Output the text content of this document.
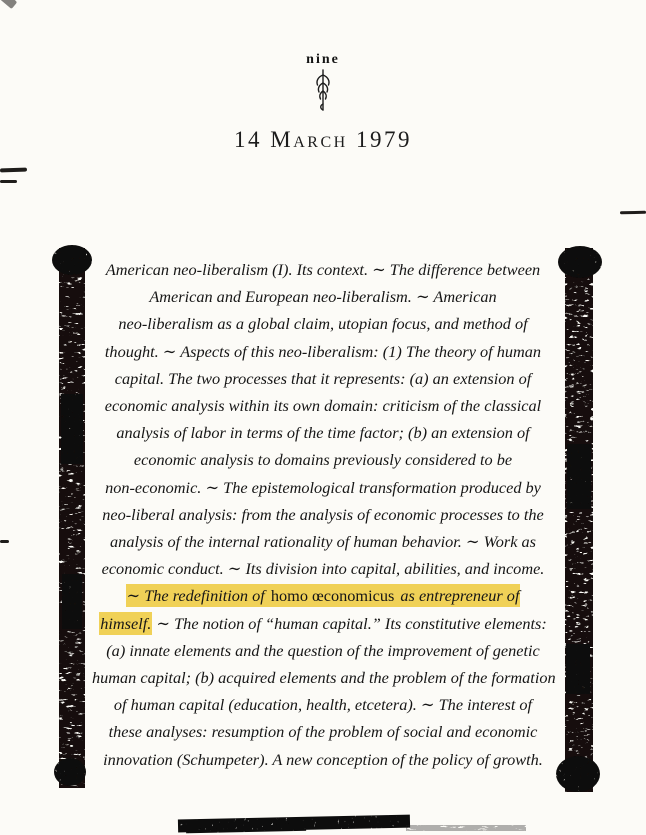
nine
14 March 1979
American neo-liberalism (I). Its context. ∼ The difference between
American and European neo-liberalism. ∼ American
neo-liberalism as a global claim, utopian focus, and method of
thought. ∼ Aspects of this neo-liberalism: (1) The theory of human
capital. The two processes that it represents: (a) an extension of
economic analysis within its own domain: criticism of the classical
analysis of labor in terms of the time factor; (b) an extension of
economic analysis to domains previously considered to be
non-economic. ∼ The epistemological transformation produced by
neo-liberal analysis: from the analysis of economic processes to the
analysis of the internal rationality of human behavior. ∼ Work as
economic conduct. ∼ Its division into capital, abilities, and income.
∼ The redefinition of homo œconomicus as entrepreneur of
himself. ∼ The notion of “human capital.” Its constitutive elements:
(a) innate elements and the question of the improvement of genetic
human capital; (b) acquired elements and the problem of the formation
of human capital (education, health, etcetera). ∼ The interest of
these analyses: resumption of the problem of social and economic
innovation (Schumpeter). A new conception of the policy of growth.
